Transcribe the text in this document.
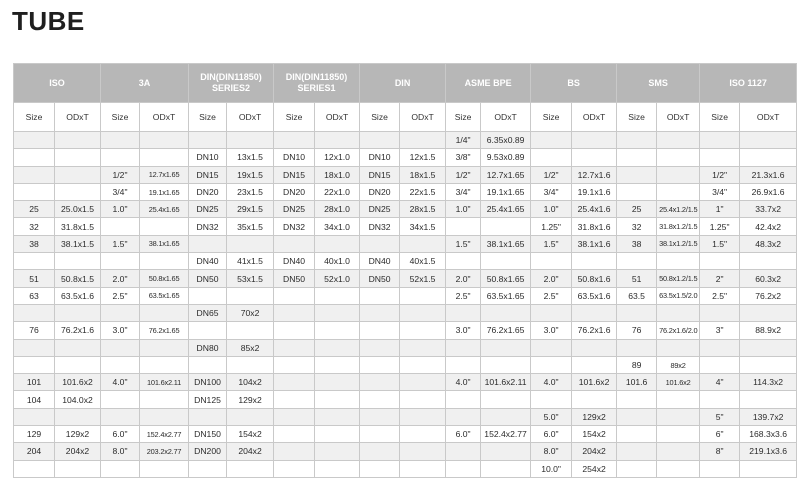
TUBE
ISO		3A		DIN(DIN11850) SERIES2		DIN(DIN11850) SERIES1		DIN		ASME BPE		BS		SMS		ISO 1127	
Size	ODxT	Size	ODxT	Size	ODxT	Size	ODxT	Size	ODxT	Size	ODxT	Size	ODxT	Size	ODxT	Size	ODxT
										1/4"	6.35x0.89						
				DN10	13x1.5	DN10	12x1.0	DN10	12x1.5	3/8"	9.53x0.89						
		1/2"	12.7x1.65	DN15	19x1.5	DN15	18x1.0	DN15	18x1.5	1/2"	12.7x1.65	1/2"	12.7x1.6			1/2"	21.3x1.6
		3/4"	19.1x1.65	DN20	23x1.5	DN20	22x1.0	DN20	22x1.5	3/4"	19.1x1.65	3/4"	19.1x1.6			3/4"	26.9x1.6
25	25.0x1.5	1.0"	25.4x1.65	DN25	29x1.5	DN25	28x1.0	DN25	28x1.5	1.0"	25.4x1.65	1.0"	25.4x1.6	25	25.4x1.2/1.5	1"	33.7x2
32	31.8x1.5			DN32	35x1.5	DN32	34x1.0	DN32	34x1.5			1.25"	31.8x1.6	32	31.8x1.2/1.5	1.25"	42.4x2
38	38.1x1.5	1.5"	38.1x1.65							1.5"	38.1x1.65	1.5"	38.1x1.6	38	38.1x1.2/1.5	1.5"	48.3x2
				DN40	41x1.5	DN40	40x1.0	DN40	40x1.5								
51	50.8x1.5	2.0"	50.8x1.65	DN50	53x1.5	DN50	52x1.0	DN50	52x1.5	2.0"	50.8x1.65	2.0"	50.8x1.6	51	50.8x1.2/1.5	2"	60.3x2
63	63.5x1.6	2.5"	63.5x1.65							2.5"	63.5x1.65	2.5"	63.5x1.6	63.5	63.5x1.5/2.0	2.5"	76.2x2
				DN65	70x2												
76	76.2x1.6	3.0"	76.2x1.65							3.0"	76.2x1.65	3.0"	76.2x1.6	76	76.2x1.6/2.0	3"	88.9x2
				DN80	85x2												
														89	89x2		
101	101.6x2	4.0"	101.6x2.11	DN100	104x2					4.0"	101.6x2.11	4.0"	101.6x2	101.6	101.6x2	4"	114.3x2
104	104.0x2			DN125	129x2												
												5.0"	129x2			5"	139.7x2
129	129x2	6.0"	152.4x2.77	DN150	154x2					6.0"	152.4x2.77	6.0"	154x2			6"	168.3x3.6
204	204x2	8.0"	203.2x2.77	DN200	204x2							8.0"	204x2			8"	219.1x3.6
												10.0"	254x2				
